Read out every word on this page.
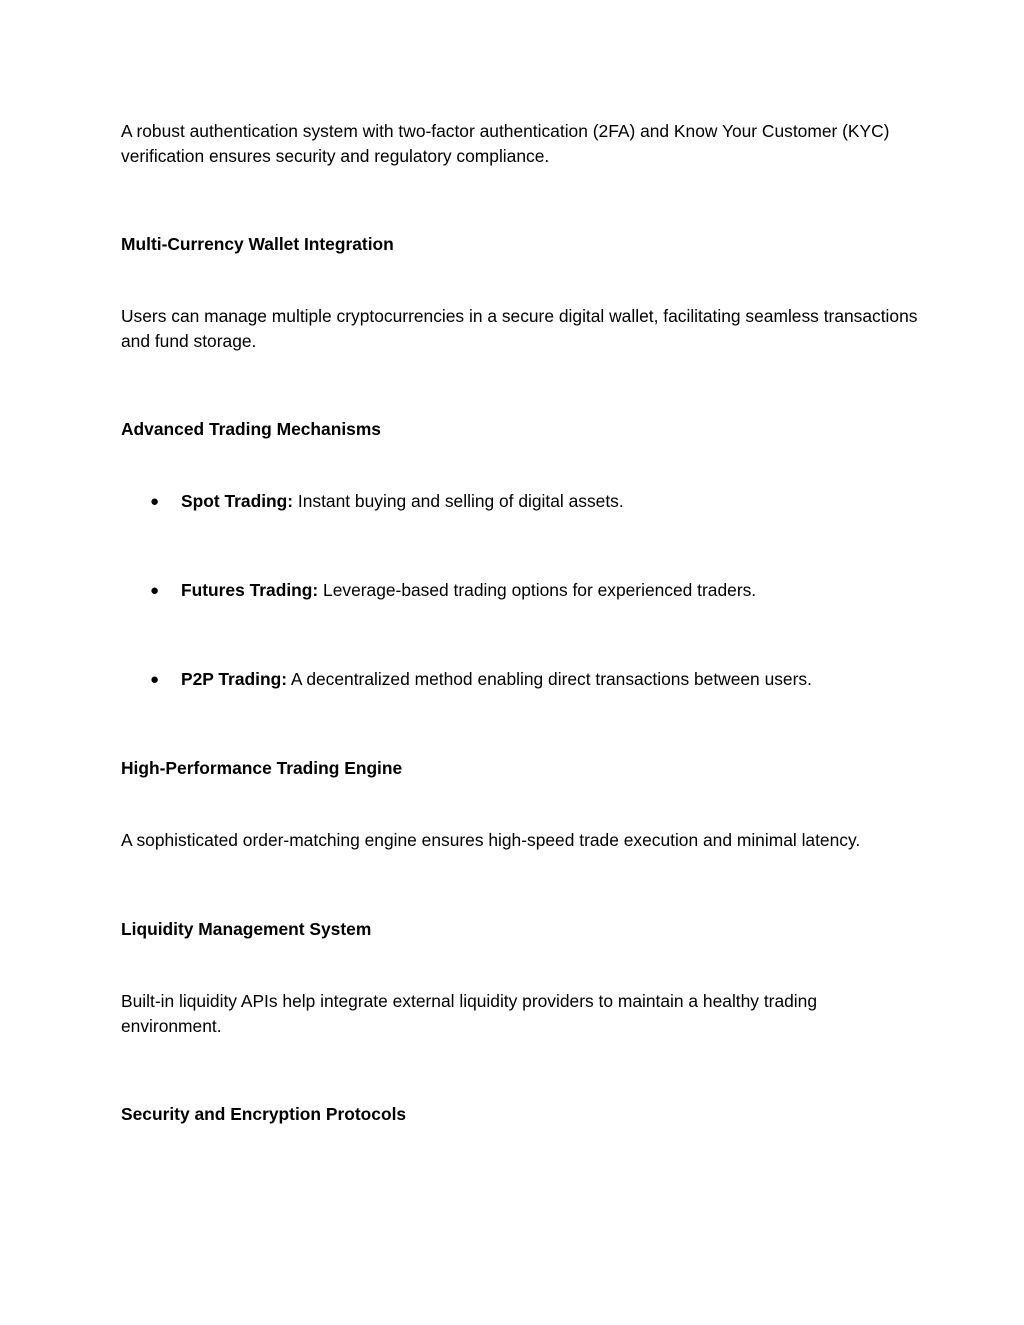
A robust authentication system with two-factor authentication (2FA) and Know Your Customer (KYC) verification ensures security and regulatory compliance.

Multi-Currency Wallet Integration

Users can manage multiple cryptocurrencies in a secure digital wallet, facilitating seamless transactions and fund storage.

Advanced Trading Mechanisms

● Spot Trading: Instant buying and selling of digital assets.
● Futures Trading: Leverage-based trading options for experienced traders.
● P2P Trading: A decentralized method enabling direct transactions between users.

High-Performance Trading Engine

A sophisticated order-matching engine ensures high-speed trade execution and minimal latency.

Liquidity Management System

Built-in liquidity APIs help integrate external liquidity providers to maintain a healthy trading environment.

Security and Encryption Protocols
